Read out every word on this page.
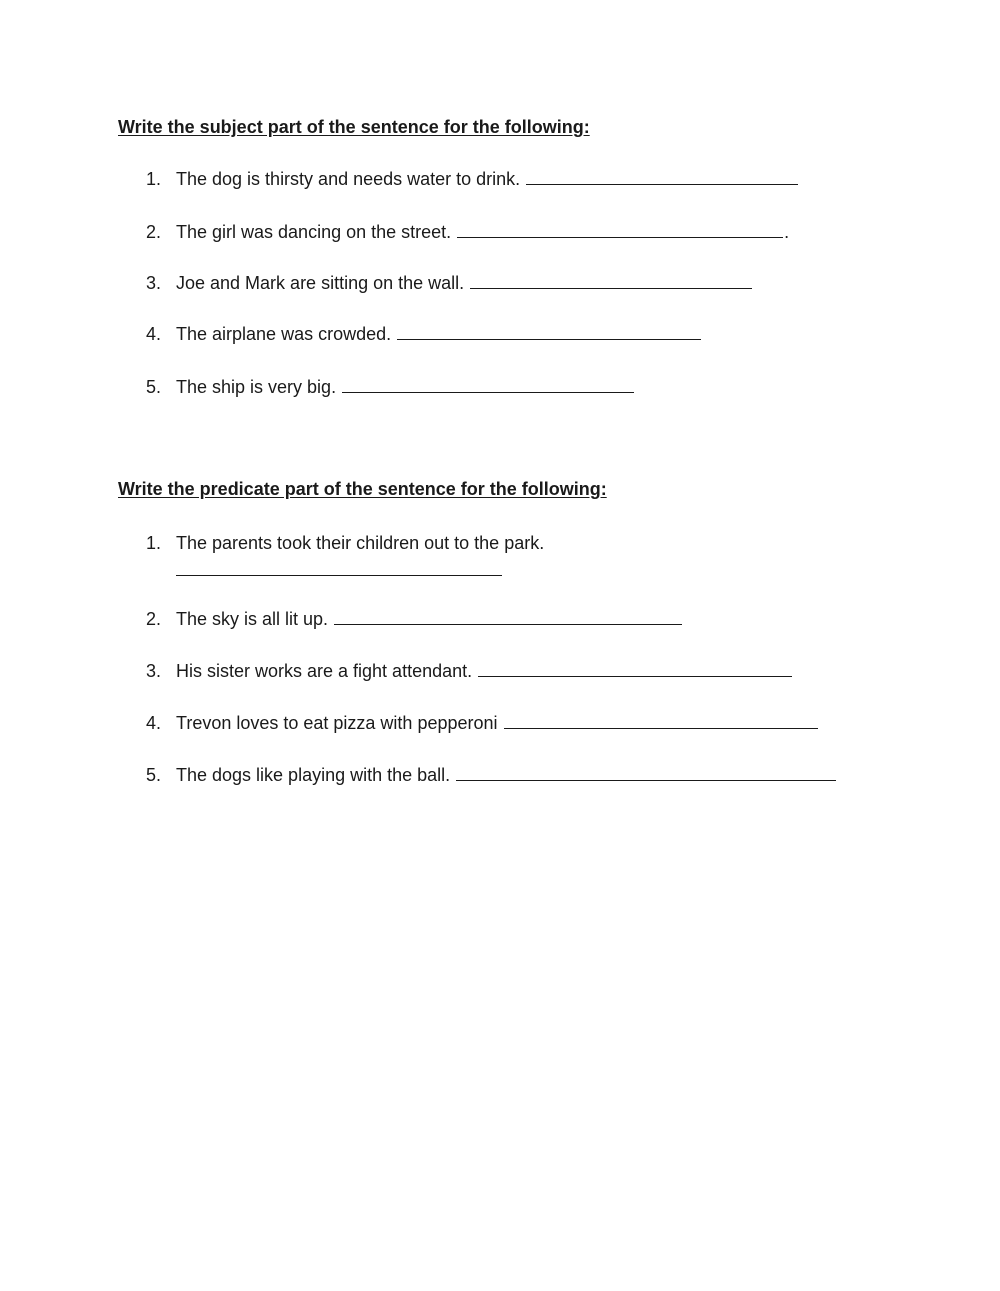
Write the subject part of the sentence for the following:

1. The dog is thirsty and needs water to drink.

2. The girl was dancing on the street.	.

3. Joe and Mark are sitting on the wall.

4. The airplane was crowded.

5. The ship is very big.

Write the predicate part of the sentence for the following:

1. The parents took their children out to the park.

2. The sky is all lit up.

3. His sister works are a fight attendant.

4. Trevon loves to eat pizza with pepperoni

5. The dogs like playing with the ball.
